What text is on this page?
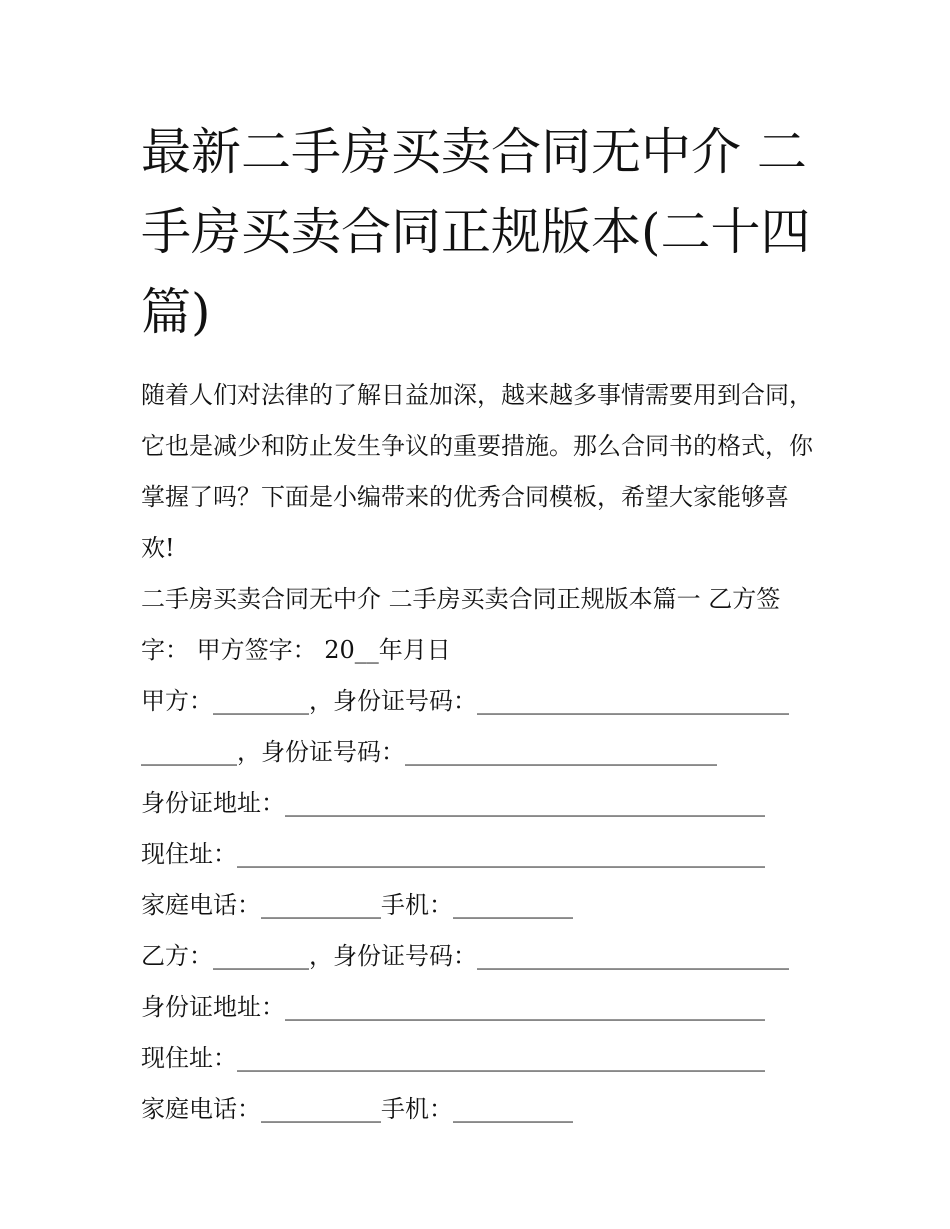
最新二手房买卖合同无中介 二手房买卖合同正规版本(二十四篇)

随着人们对法律的了解日益加深，越来越多事情需要用到合同，它也是减少和防止发生争议的重要措施。那么合同书的格式，你掌握了吗？下面是小编带来的优秀合同模板，希望大家能够喜欢!

二手房买卖合同无中介 二手房买卖合同正规版本篇一 乙方签字： 甲方签字： 20__年月日
甲方：________，身份证号码：__________________________
________，身份证号码：__________________________
身份证地址：________________________________________
现住址：____________________________________________
家庭电话：__________手机：__________
乙方：________，身份证号码：__________________________
身份证地址：________________________________________
现住址：____________________________________________
家庭电话：__________手机：__________
